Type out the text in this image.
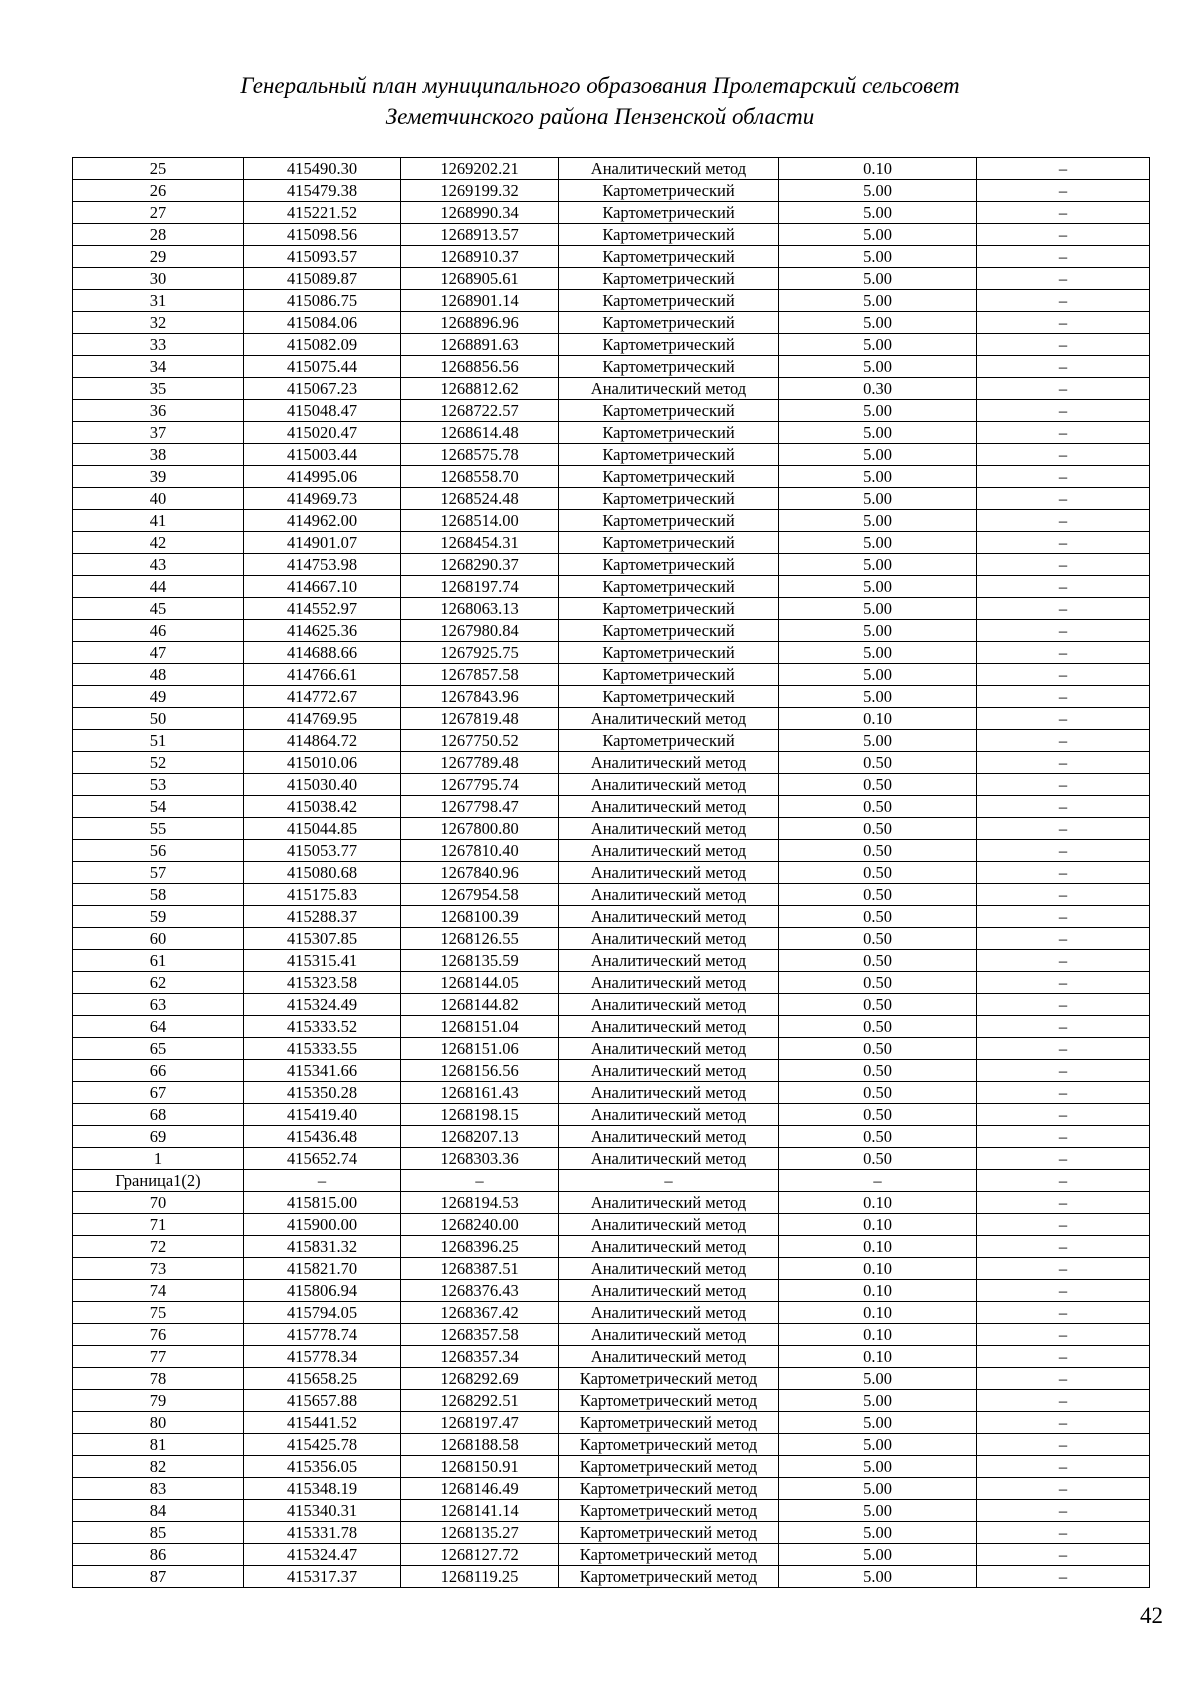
Генеральный план муниципального образования Пролетарский сельсовет
Земетчинского района Пензенской области
25	415490.30	1269202.21	Аналитический метод	0.10	–
26	415479.38	1269199.32	Картометрический	5.00	–
27	415221.52	1268990.34	Картометрический	5.00	–
28	415098.56	1268913.57	Картометрический	5.00	–
29	415093.57	1268910.37	Картометрический	5.00	–
30	415089.87	1268905.61	Картометрический	5.00	–
31	415086.75	1268901.14	Картометрический	5.00	–
32	415084.06	1268896.96	Картометрический	5.00	–
33	415082.09	1268891.63	Картометрический	5.00	–
34	415075.44	1268856.56	Картометрический	5.00	–
35	415067.23	1268812.62	Аналитический метод	0.30	–
36	415048.47	1268722.57	Картометрический	5.00	–
37	415020.47	1268614.48	Картометрический	5.00	–
38	415003.44	1268575.78	Картометрический	5.00	–
39	414995.06	1268558.70	Картометрический	5.00	–
40	414969.73	1268524.48	Картометрический	5.00	–
41	414962.00	1268514.00	Картометрический	5.00	–
42	414901.07	1268454.31	Картометрический	5.00	–
43	414753.98	1268290.37	Картометрический	5.00	–
44	414667.10	1268197.74	Картометрический	5.00	–
45	414552.97	1268063.13	Картометрический	5.00	–
46	414625.36	1267980.84	Картометрический	5.00	–
47	414688.66	1267925.75	Картометрический	5.00	–
48	414766.61	1267857.58	Картометрический	5.00	–
49	414772.67	1267843.96	Картометрический	5.00	–
50	414769.95	1267819.48	Аналитический метод	0.10	–
51	414864.72	1267750.52	Картометрический	5.00	–
52	415010.06	1267789.48	Аналитический метод	0.50	–
53	415030.40	1267795.74	Аналитический метод	0.50	–
54	415038.42	1267798.47	Аналитический метод	0.50	–
55	415044.85	1267800.80	Аналитический метод	0.50	–
56	415053.77	1267810.40	Аналитический метод	0.50	–
57	415080.68	1267840.96	Аналитический метод	0.50	–
58	415175.83	1267954.58	Аналитический метод	0.50	–
59	415288.37	1268100.39	Аналитический метод	0.50	–
60	415307.85	1268126.55	Аналитический метод	0.50	–
61	415315.41	1268135.59	Аналитический метод	0.50	–
62	415323.58	1268144.05	Аналитический метод	0.50	–
63	415324.49	1268144.82	Аналитический метод	0.50	–
64	415333.52	1268151.04	Аналитический метод	0.50	–
65	415333.55	1268151.06	Аналитический метод	0.50	–
66	415341.66	1268156.56	Аналитический метод	0.50	–
67	415350.28	1268161.43	Аналитический метод	0.50	–
68	415419.40	1268198.15	Аналитический метод	0.50	–
69	415436.48	1268207.13	Аналитический метод	0.50	–
1	415652.74	1268303.36	Аналитический метод	0.50	–
Граница1(2)	–	–	–	–	–
70	415815.00	1268194.53	Аналитический метод	0.10	–
71	415900.00	1268240.00	Аналитический метод	0.10	–
72	415831.32	1268396.25	Аналитический метод	0.10	–
73	415821.70	1268387.51	Аналитический метод	0.10	–
74	415806.94	1268376.43	Аналитический метод	0.10	–
75	415794.05	1268367.42	Аналитический метод	0.10	–
76	415778.74	1268357.58	Аналитический метод	0.10	–
77	415778.34	1268357.34	Аналитический метод	0.10	–
78	415658.25	1268292.69	Картометрический метод	5.00	–
79	415657.88	1268292.51	Картометрический метод	5.00	–
80	415441.52	1268197.47	Картометрический метод	5.00	–
81	415425.78	1268188.58	Картометрический метод	5.00	–
82	415356.05	1268150.91	Картометрический метод	5.00	–
83	415348.19	1268146.49	Картометрический метод	5.00	–
84	415340.31	1268141.14	Картометрический метод	5.00	–
85	415331.78	1268135.27	Картометрический метод	5.00	–
86	415324.47	1268127.72	Картометрический метод	5.00	–
87	415317.37	1268119.25	Картометрический метод	5.00	–
42
